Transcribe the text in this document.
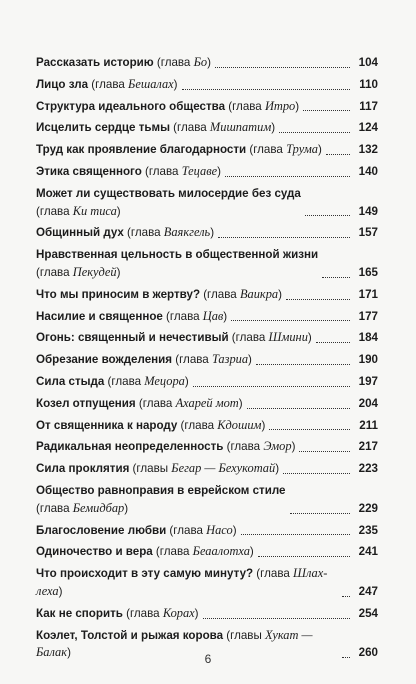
Рассказать историю (глава Бо)	104
Лицо зла (глава Бешалах)	110
Структура идеального общества (глава Итро)	117
Исцелить сердце тьмы (глава Мишпатим)	124
Труд как проявление благодарности (глава Трума)	132
Этика священного (глава Тецаве)	140
Может ли существовать милосердие без суда
(глава Ки тиса)	149
Общинный дух (глава Ваякгель)	157
Нравственная цельность в общественной жизни
(глава Пекудей)	165
Что мы приносим в жертву? (глава Ваикра)	171
Насилие и священное (глава Цав)	177
Огонь: священный и нечестивый (глава Шмини)	184
Обрезание вожделения (глава Тазриа)	190
Сила стыда (глава Мецора)	197
Козел отпущения (глава Ахарей мот)	204
От священника к народу (глава Кдошим)	211
Радикальная неопределенность (глава Эмор)	217
Сила проклятия (главы Бегар — Бехукотай)	223
Общество равноправия в еврейском стиле
(глава Бемидбар)	229
Благословение любви (глава Насо)	235
Одиночество и вера (глава Беаалотха)	241
Что происходит в эту самую минуту? (глава Шлах-леха)	247
Как не спорить (глава Корах)	254
Коэлет, Толстой и рыжая корова (главы Хукат — Балак)	260
6
